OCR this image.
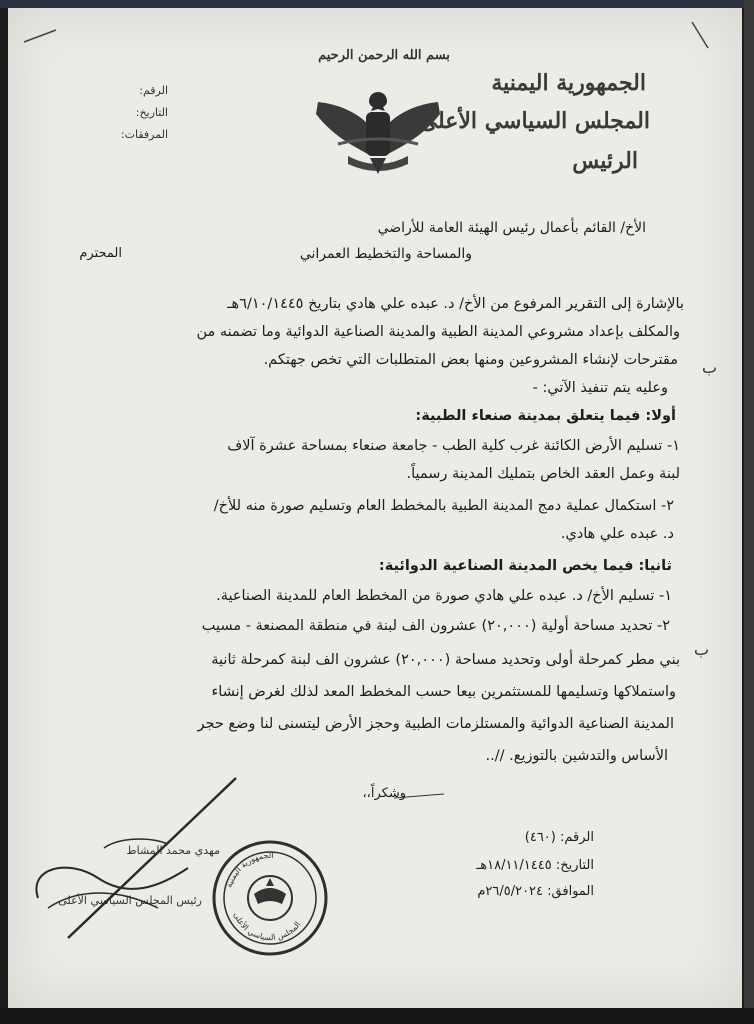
بسم الله الرحمن الرحيم
الجمهورية اليمنية
المجلس السياسي الأعلى
الرئيس
الرقم:
التاريخ:
المرفقات:
الأخ/ القائم بأعمال رئيس الهيئة العامة للأراضي
والمساحة والتخطيط العمراني
المحترم
بالإشارة إلى التقرير المرفوع من الأخ/ د. عبده علي هادي بتاريخ ٦/١٠/١٤٤٥هـ
والمكلف بإعداد مشروعي المدينة الطبية والمدينة الصناعية الدوائية وما تضمنه من
مقترحات لإنشاء المشروعين ومنها بعض المتطلبات التي تخص جهتكم.
وعليه يتم تنفيذ الآتي: -
أولا: فيما يتعلق بمدينة صنعاء الطبية:
١- تسليم الأرض الكائنة غرب كلية الطب - جامعة صنعاء بمساحة عشرة آلاف
لبنة وعمل العقد الخاص بتمليك المدينة رسمياً.
٢- استكمال عملية دمج المدينة الطبية بالمخطط العام وتسليم صورة منه للأخ/
د. عبده علي هادي.
ثانيا: فيما يخص المدينة الصناعية الدوائية:
١- تسليم الأخ/ د. عبده علي هادي صورة من المخطط العام للمدينة الصناعية.
٢- تحديد مساحة أولية (٢٠,٠٠٠) عشرون الف لبنة في منطقة المصنعة - مسيب
بني مطر كمرحلة أولى وتحديد مساحة (٢٠,٠٠٠) عشرون الف لبنة كمرحلة ثانية
واستملاكها وتسليمها للمستثمرين بيعا حسب المخطط المعد لذلك لغرض إنشاء
المدينة الصناعية الدوائية والمستلزمات الطبية وحجز الأرض ليتسنى لنا وضع حجر
الأساس والتدشين بالتوزيع. //..
وشكراً،،
الرقم: (٤٦٠)
التاريخ: ١٨/١١/١٤٤٥هـ
الموافق: ٢٦/٥/٢٠٢٤م
مهدي محمد المشاط
رئيس المجلس السياسي الأعلى
الجمهورية اليمنية
المجلس السياسي الأعلى
ب
ب
